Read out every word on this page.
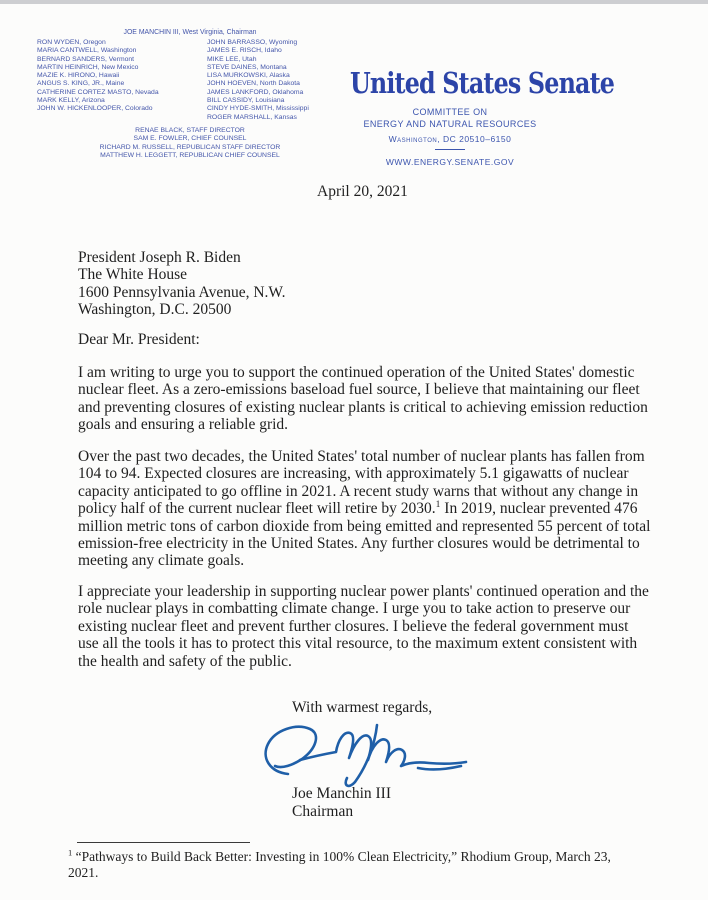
JOE MANCHIN III, West Virginia, Chairman
RON WYDEN, Oregon
MARIA CANTWELL, Washington
BERNARD SANDERS, Vermont
MARTIN HEINRICH, New Mexico
MAZIE K. HIRONO, Hawaii
ANGUS S. KING, JR., Maine
CATHERINE CORTEZ MASTO, Nevada
MARK KELLY, Arizona
JOHN W. HICKENLOOPER, Colorado
JOHN BARRASSO, Wyoming
JAMES E. RISCH, Idaho
MIKE LEE, Utah
STEVE DAINES, Montana
LISA MURKOWSKI, Alaska
JOHN HOEVEN, North Dakota
JAMES LANKFORD, Oklahoma
BILL CASSIDY, Louisiana
CINDY HYDE-SMITH, Mississippi
ROGER MARSHALL, Kansas
RENAE BLACK, STAFF DIRECTOR
SAM E. FOWLER, CHIEF COUNSEL
RICHARD M. RUSSELL, REPUBLICAN STAFF DIRECTOR
MATTHEW H. LEGGETT, REPUBLICAN CHIEF COUNSEL
United States Senate
COMMITTEE ON
ENERGY AND NATURAL RESOURCES
Washington, DC 20510–6150
WWW.ENERGY.SENATE.GOV
April 20, 2021
President Joseph R. Biden
The White House
1600 Pennsylvania Avenue, N.W.
Washington, D.C. 20500
Dear Mr. President:

I am writing to urge you to support the continued operation of the United States' domestic nuclear fleet. As a zero-emissions baseload fuel source, I believe that maintaining our fleet and preventing closures of existing nuclear plants is critical to achieving emission reduction goals and ensuring a reliable grid.

Over the past two decades, the United States' total number of nuclear plants has fallen from 104 to 94. Expected closures are increasing, with approximately 5.1 gigawatts of nuclear capacity anticipated to go offline in 2021. A recent study warns that without any change in policy half of the current nuclear fleet will retire by 2030.$^1$ In 2019, nuclear prevented 476 million metric tons of carbon dioxide from being emitted and represented 55 percent of total emission-free electricity in the United States. Any further closures would be detrimental to meeting any climate goals.

I appreciate your leadership in supporting nuclear power plants' continued operation and the role nuclear plays in combatting climate change. I urge you to take action to preserve our existing nuclear fleet and prevent further closures. I believe the federal government must use all the tools it has to protect this vital resource, to the maximum extent consistent with the health and safety of the public.

With warmest regards,
Joe Manchin III
Chairman
$^1$ “Pathways to Build Back Better: Investing in 100% Clean Electricity,” Rhodium Group, March 23, 2021.
